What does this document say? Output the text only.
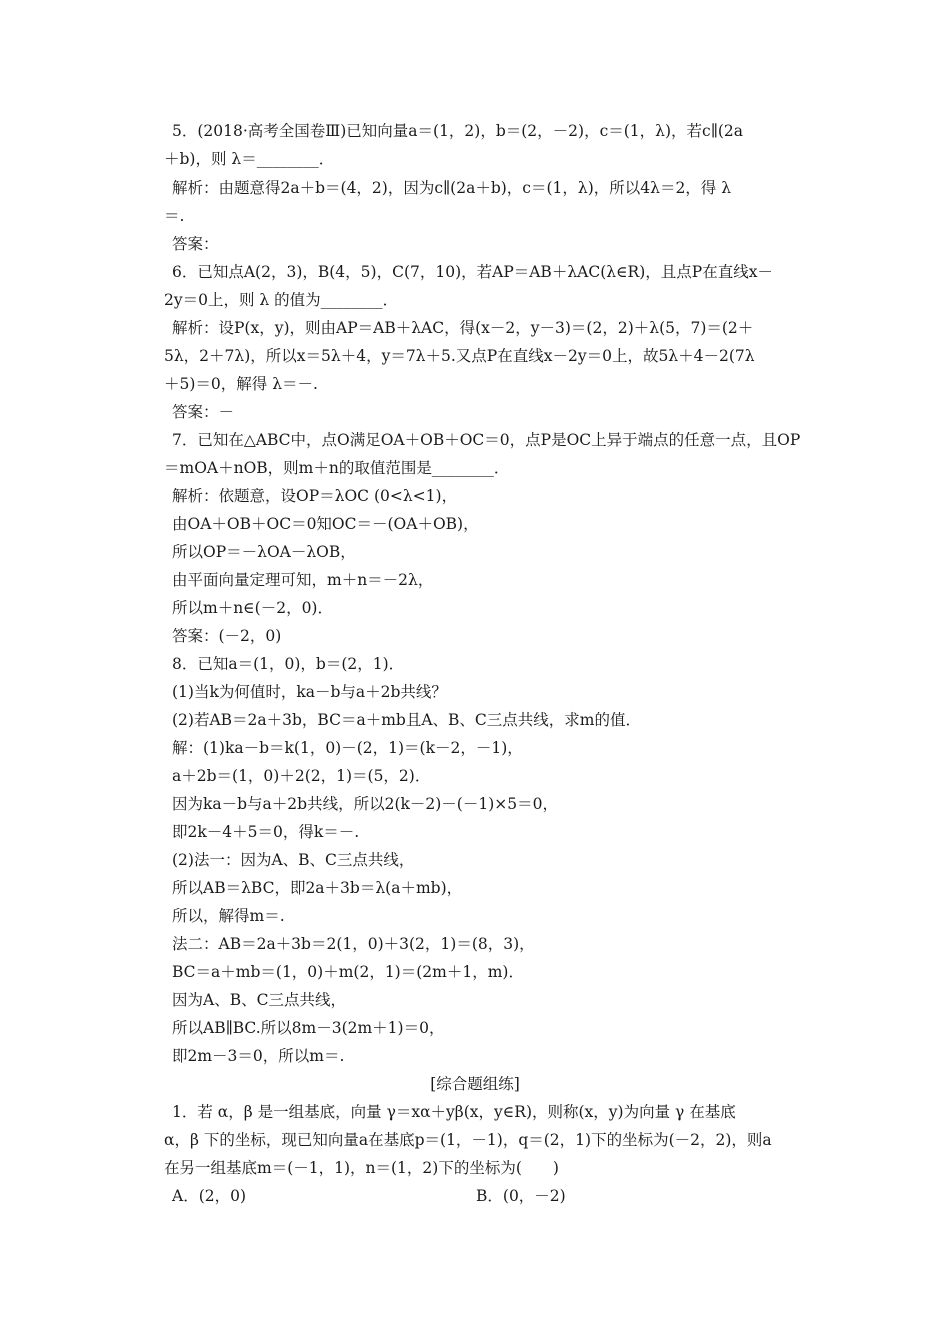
5．(2018·高考全国卷Ⅲ)已知向量a＝(1，2)，b＝(2，－2)，c＝(1，λ)，若c∥(2a
＋b)，则 λ＝________．
解析：由题意得2a＋b＝(4，2)，因为c∥(2a＋b)，c＝(1，λ)，所以4λ＝2，得 λ
＝.
答案：
6．已知点A(2，3)，B(4，5)，C(7，10)，若AP＝AB＋λAC(λ∈R)，且点P在直线x－
2y＝0上，则 λ 的值为________．
解析：设P(x，y)，则由AP＝AB＋λAC，得(x－2，y－3)＝(2，2)＋λ(5，7)＝(2＋
5λ，2＋7λ)，所以x＝5λ＋4，y＝7λ＋5.又点P在直线x－2y＝0上，故5λ＋4－2(7λ
＋5)＝0，解得 λ＝－.
答案：－
7．已知在△ABC中，点O满足OA＋OB＋OC＝0，点P是OC上异于端点的任意一点，且OP
＝mOA＋nOB，则m＋n的取值范围是________．
解析：依题意，设OP＝λOC (0<λ<1)，
由OA＋OB＋OC＝0知OC＝－(OA＋OB)，
所以OP＝－λOA－λOB，
由平面向量定理可知，m＋n＝－2λ，
所以m＋n∈(－2，0)．
答案：(－2，0)
8．已知a＝(1，0)，b＝(2，1)．
(1)当k为何值时，ka－b与a＋2b共线？
(2)若AB＝2a＋3b，BC＝a＋mb且A、B、C三点共线，求m的值．
解：(1)ka－b＝k(1，0)－(2，1)＝(k－2，－1)，
a＋2b＝(1，0)＋2(2，1)＝(5，2)．
因为ka－b与a＋2b共线，所以2(k－2)－(－1)×5＝0，
即2k－4＋5＝0，得k＝－.
(2)法一：因为A、B、C三点共线，
所以AB＝λBC，即2a＋3b＝λ(a＋mb)，
所以，解得m＝.
法二：AB＝2a＋3b＝2(1，0)＋3(2，1)＝(8，3)，
BC＝a＋mb＝(1，0)＋m(2，1)＝(2m＋1，m)．
因为A、B、C三点共线，
所以AB∥BC.所以8m－3(2m＋1)＝0，
即2m－3＝0，所以m＝.
[综合题组练]
1．若 α，β 是一组基底，向量 γ＝xα＋yβ(x，y∈R)，则称(x，y)为向量 γ 在基底
α，β 下的坐标，现已知向量a在基底p＝(1，－1)，q＝(2，1)下的坐标为(－2，2)，则a
在另一组基底m＝(－1，1)，n＝(1，2)下的坐标为(　　)
A．(2，0)	B．(0，－2)
